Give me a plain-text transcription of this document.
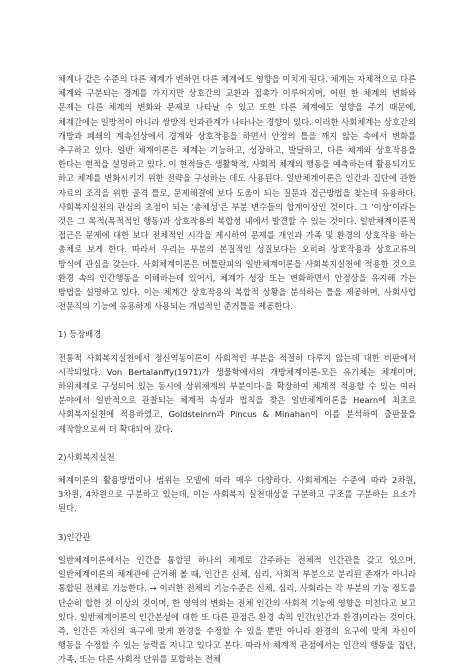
체계나 같은 수준의 다른 체계가 변하면 다른 체계에도 영향을 미치게 된다. 체계는 자체적으로 다른 체계와 구분되는 경계를 가지지만 상호간의 교환과 접촉가 이루어지며, 어떤 한 체계의 변화와 문제는 다른 체계의 변화와 문제로 나타날 수 있고 또한 다른 체계에도 영향을 주기 때문에, 체계간에는 일방적이 아니라 쌍방적 인과관계가 나타나는 경향이 있다. 이러한 사회체계는 상호간의 개방과 폐쇄의 계속선상에서 경계와 상호작용을 하면서 안정의 틀을 깨지 않는 속에서 변화를 추구하고 있다. 일반 체계이론은 체계는 기능하고, 성장하고, 발달하고, 다른 체계와 상호작용을 한다는 현적을 설명하고 있다. 이 현적들은 생활학적, 사회적 체계의 행동을 예측하는데 활용되기도 하고 체계를 변화시키기 위한 전략을 구성하는 데도 사용된다. 일반체계이론은 인간과 집단에 관한 자료의 조직을 위한 골격 틀로, 문제해결에 보다 도움이 되는 질문과 접근방법을 찾는데 유용하다. 사회복지실천의 관심의 초점이 되는 '총체성'은 부분 변수들의 합계이상인 것이다. 그 '이상'이라는 것은 그 목적(목적적인 행동)과 상호작용의 복합성 내에서 발견할 수 있는 것이다. 일반체계이론적 접근은 문제에 대한 보다 전체적인 시각을 제시하여 문제를 개인과 가족 및 환경의 상호작용 하는 총체로 보게 한다. 따라서 우리는 부분의 본질적인 성질보다는 오히려 상호작용과 상호교류의 방식에 관심을 갖는다. 사회체계이론은 버틀란피의 일반체계이론을 사회복지실천에 적용한 것으로 환경 속의 인간행동을 이해하는데 있어서, 체계가 성장 또는 변화하면서 안정상을 유지해 가는 방법을 설명하고 있다. 이는 체계간 상호작용의 복합적 상황을 분석하는 틀을 제공하며, 사회사업 전문직의 기능에 유용하게 사용되는 개념적인 준거틀을 제공한다.

1) 등장배경

전통적 사회복지실천에서 정신역동이론이 사회적인 부분을 적절히 다루지 않는데 대한 비판에서 시작되었다. Von Bertalanffy(1971)가 생물학에서의 개방체계이론-모든 유기체는 체계이며, 하위체계로 구성되어 있는 동시에 상위체계의 부분이다-을 확장하여 체계적 적용할 수 있는 여러 분야에서 일반적으로 관찰되는 체계적 속성과 법칙을 찾은 일반체계이론을 Hearn에 최초로 사회복지실천에 적용하였고, Goldsteinrn과 Pincus & Minahan이 이를 분석하여 출판물을 제작함으로써 더 확대되어 갔다.

2)사회복지실천

체계이론의 활용방법이나 범위는 모델에 따라 매우 다양하다. 사회체계는 수준에 따라 2차원, 3차원, 4차원으로 구분하고 있는데, 이는 사회복지 실천대상을 구분하고 구조를 구분하는 요소가 된다.

3)인간관

일반체계이론에서는 인간을 통합된 하나의 체계로 간주하는 전체적 인간관을 갖고 있으며, 일반체계이론의 체계관에 근거해 볼 때, 인간은 신체, 심리, 사회적 부분으로 분리된 존재가 아니라 통합된 전체로 기능한다. → 이러한 전체의 기능수준은 신체, 심리, 사회라는 각 부분의 기능 정도를 단순히 합한 것 이상의 것이며, 한 영역의 변화는 전체 인간의 사회적 기능에 영향을 미친다고 보고 있다. 일반체계이론의 인간본성에 대한 또 다른 관점은 환경 속의 인간(인간과 환경)이라는 것이다. 즉, 인간은 자신의 욕구에 맞게 환경을 수정할 수 있을 뿐만 아니라 환경의 요구에 맞게 자신이 행동을 수정할 수 있는 능력을 지니고 있다고 본다. 따라서 체계적 관점에서는 인간의 행동을 집단, 가족, 또는 다른 사회적 단위를 포함하는 전체
